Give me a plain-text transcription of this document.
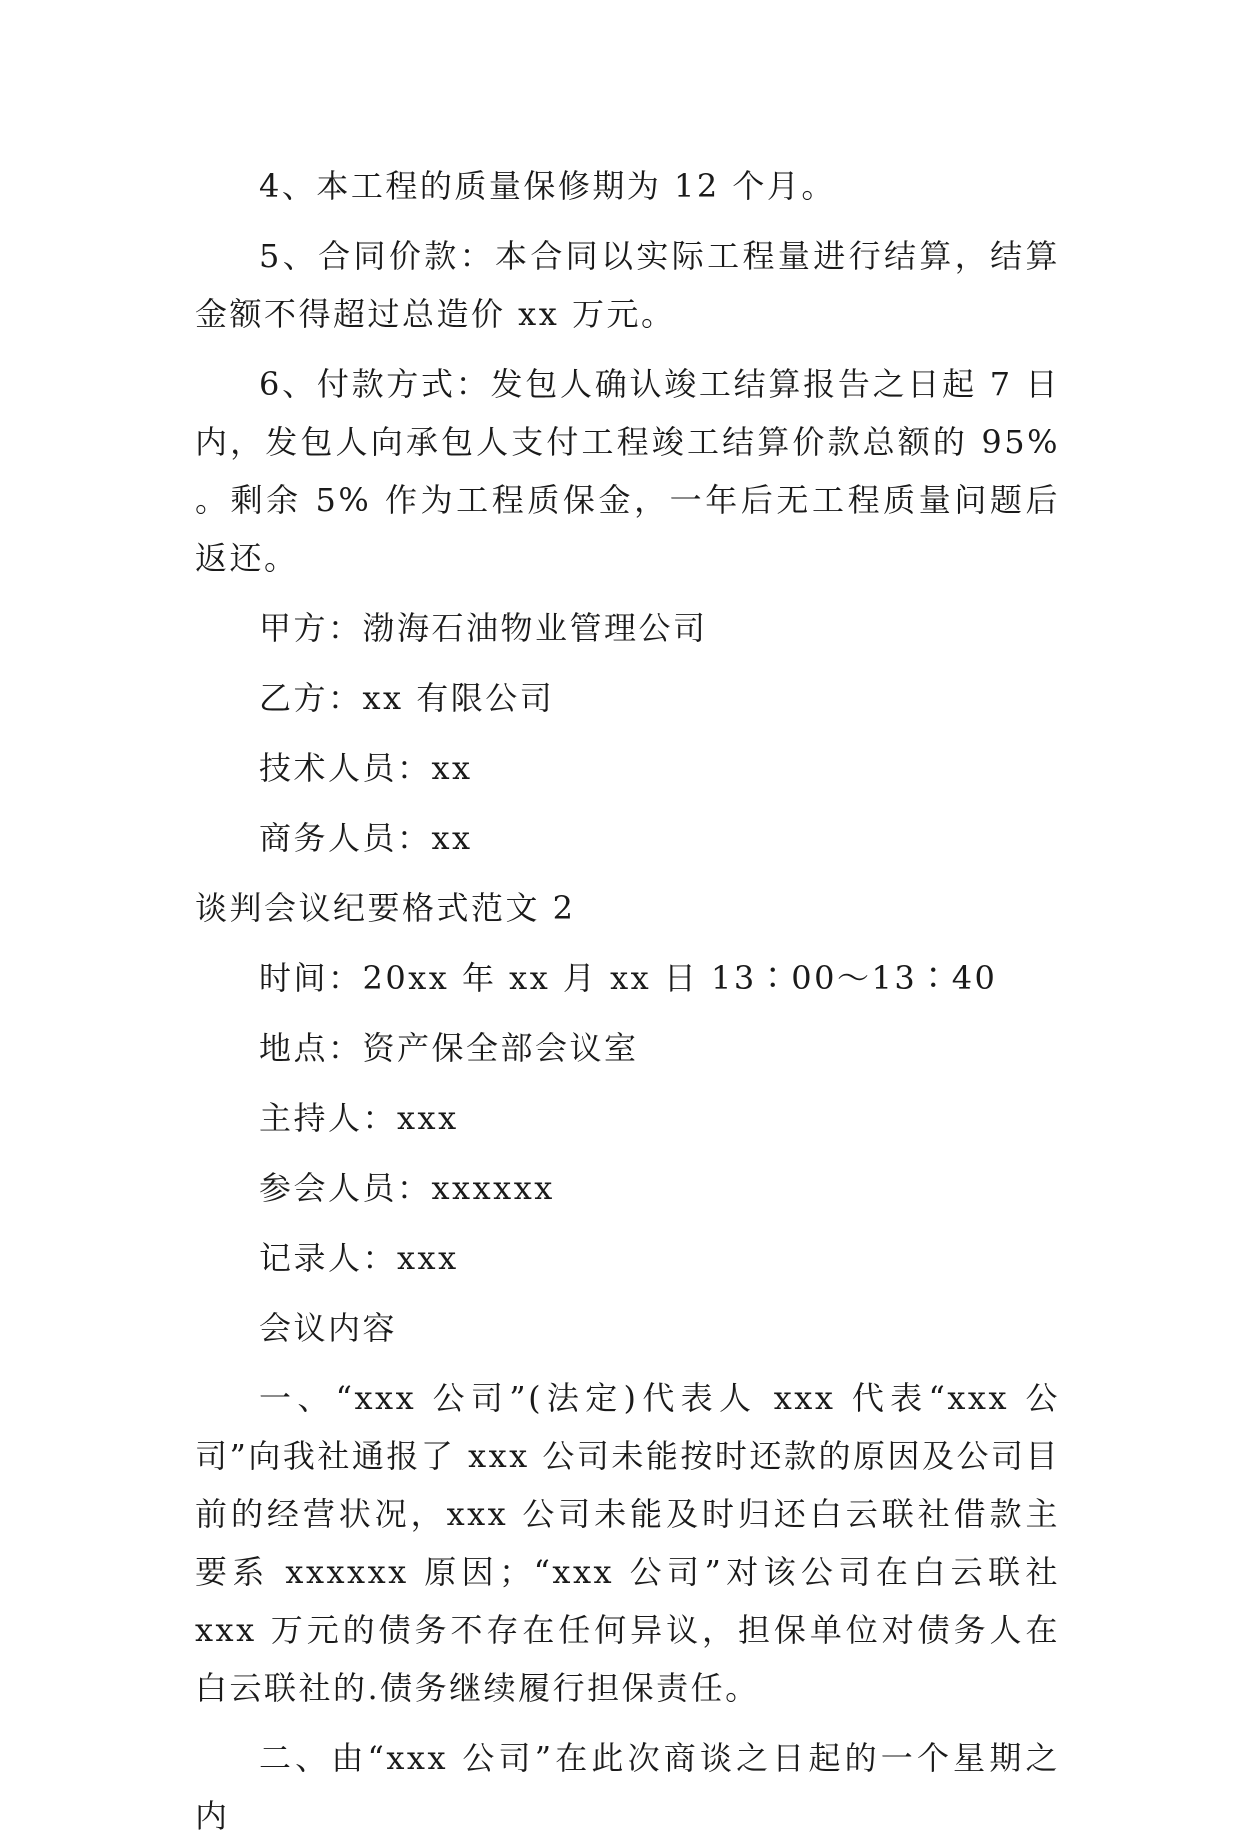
4、本工程的质量保修期为 12 个月。

5、合同价款：本合同以实际工程量进行结算，结算金额不得超过总造价 xx 万元。

6、付款方式：发包人确认竣工结算报告之日起 7 日内，发包人向承包人支付工程竣工结算价款总额的 95% 。剩余 5% 作为工程质保金，一年后无工程质量问题后返还。

甲方：渤海石油物业管理公司

乙方：xx 有限公司

技术人员：xx

商务人员：xx

谈判会议纪要格式范文 2

时间：20xx 年 xx 月 xx 日 13∶00～13∶40

地点：资产保全部会议室

主持人：xxx

参会人员：xxxxxx

记录人：xxx

会议内容

一、“xxx 公司”(法定)代表人 xxx 代表“xxx 公司”向我社通报了 xxx 公司未能按时还款的原因及公司目前的经营状况，xxx 公司未能及时归还白云联社借款主要系 xxxxxx 原因；“xxx 公司”对该公司在白云联社 xxx 万元的债务不存在任何异议，担保单位对债务人在白云联社的.债务继续履行担保责任。

二、由“xxx 公司”在此次商谈之日起的一个星期之内
